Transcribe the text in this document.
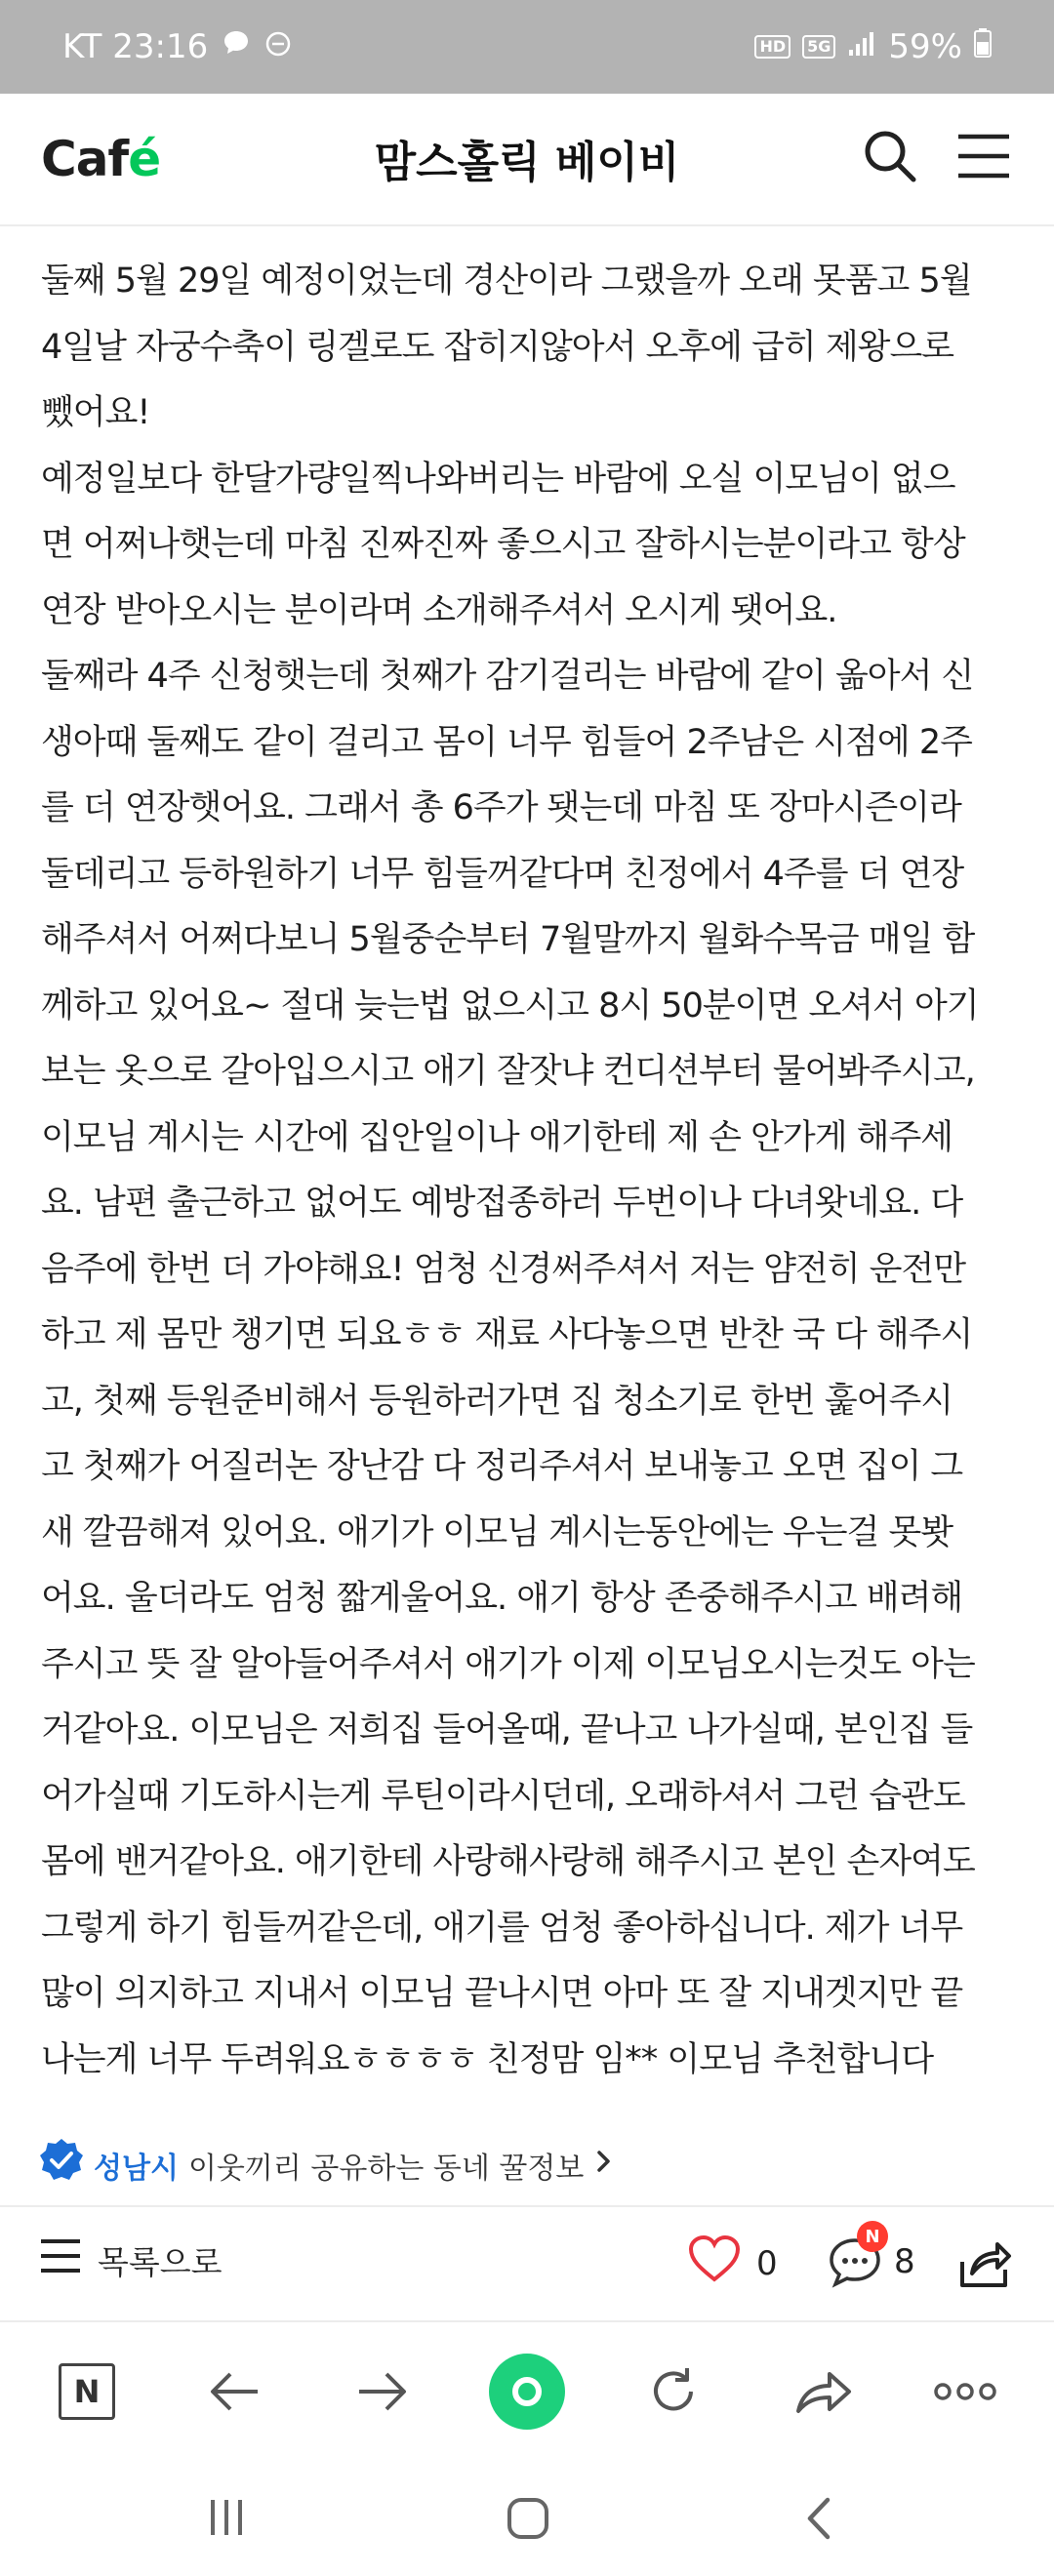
KT 23:16	HD	5G 59%
Café	맘스홀릭 베이비

둘째 5월 29일 예정이었는데 경산이라 그랬을까 오래 못품고 5월

4일날 자궁수축이 링겔로도 잡히지않아서 오후에 급히 제왕으로

뺐어요!

예정일보다 한달가량일찍나와버리는 바람에 오실 이모님이 없으

면 어쩌나햇는데 마침 진짜진짜 좋으시고 잘하시는분이라고 항상

연장 받아오시는 분이라며 소개해주셔서 오시게 됏어요.

둘째라 4주 신청햇는데 첫째가 감기걸리는 바람에 같이 옮아서 신

생아때 둘째도 같이 걸리고 몸이 너무 힘들어 2주남은 시점에 2주

를 더 연장햇어요. 그래서 총 6주가 됏는데 마침 또 장마시즌이라

둘데리고 등하원하기 너무 힘들꺼같다며 친정에서 4주를 더 연장

해주셔서 어쩌다보니 5월중순부터 7월말까지 월화수목금 매일 함

께하고 있어요~ 절대 늦는법 없으시고 8시 50분이면 오셔서 아기

보는 옷으로 갈아입으시고 애기 잘잣냐 컨디션부터 물어봐주시고,

이모님 계시는 시간에 집안일이나 애기한테 제 손 안가게 해주세

요. 남편 출근하고 없어도 예방접종하러 두번이나 다녀왓네요. 다

음주에 한번 더 가야해요! 엄청 신경써주셔서 저는 얌전히 운전만

하고 제 몸만 챙기면 되요ㅎㅎ 재료 사다놓으면 반찬 국 다 해주시

고, 첫째 등원준비해서 등원하러가면 집 청소기로 한번 훑어주시

고 첫째가 어질러논 장난감 다 정리주셔서 보내놓고 오면 집이 그

새 깔끔해져 있어요. 애기가 이모님 계시는동안에는 우는걸 못봣

어요. 울더라도 엄청 짧게울어요. 애기 항상 존중해주시고 배려해

주시고 뜻 잘 알아들어주셔서 애기가 이제 이모님오시는것도 아는

거같아요. 이모님은 저희집 들어올때, 끝나고 나가실때, 본인집 들

어가실때 기도하시는게 루틴이라시던데, 오래하셔서 그런 습관도

몸에 밴거같아요. 애기한테 사랑해사랑해 해주시고 본인 손자여도

그렇게 하기 힘들꺼같은데, 애기를 엄청 좋아하십니다. 제가 너무

많이 의지하고 지내서 이모님 끝나시면 아마 또 잘 지내겟지만 끝

나는게 너무 두려워요ㅎㅎㅎㅎ 친정맘 임** 이모님 추천합니다

성남시 이웃끼리 공유하는 동네 꿀정보
목록으로	0
N
8
N
